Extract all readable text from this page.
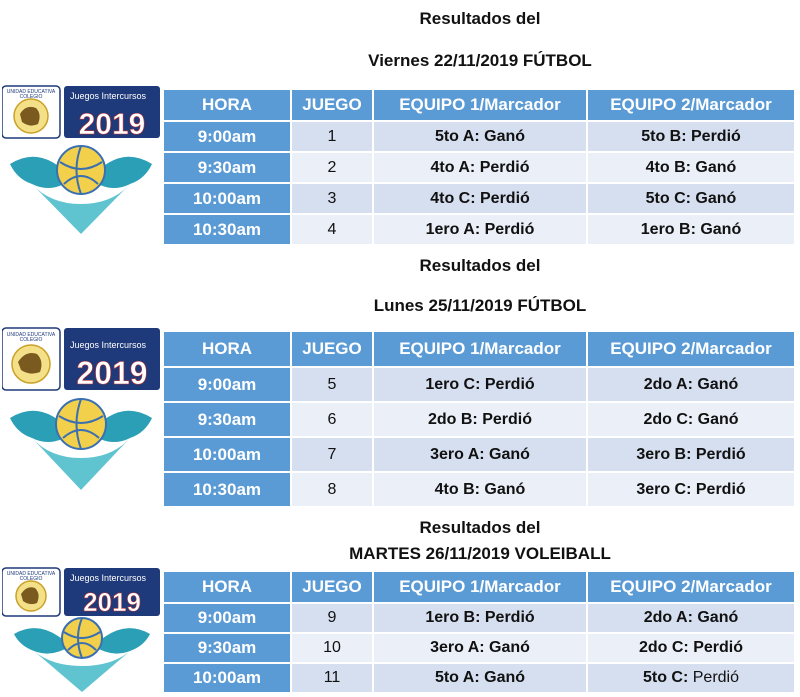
Resultados del
Viernes 22/11/2019 FÚTBOL
UNIDAD EDUCATIVA
COLEGIO	Juegos Intercursos
2019
HORA	JUEGO	EQUIPO 1/Marcador	EQUIPO 2/Marcador
9:00am	1	5to A: Ganó	5to B: Perdió
9:30am	2	4to A: Perdió	4to B: Ganó
10:00am	3	4to C: Perdió	5to C: Ganó
10:30am	4	1ero A: Perdió	1ero B: Ganó
Resultados del
Lunes 25/11/2019 FÚTBOL
UNIDAD EDUCATIVA
COLEGIO	Juegos Intercursos
2019
HORA	JUEGO	EQUIPO 1/Marcador	EQUIPO 2/Marcador
9:00am	5	1ero C: Perdió	2do A: Ganó
9:30am	6	2do B: Perdió	2do C: Ganó
10:00am	7	3ero A: Ganó	3ero B: Perdió
10:30am	8	4to B: Ganó	3ero C: Perdió
Resultados del
MARTES 26/11/2019 VOLEIBALL
UNIDAD EDUCATIVA
COLEGIO	Juegos Intercursos
2019
HORA	JUEGO	EQUIPO 1/Marcador	EQUIPO 2/Marcador
9:00am	9	1ero B: Perdió	2do A: Ganó
9:30am	10	3ero A: Ganó	2do C: Perdió
10:00am	11	5to A: Ganó	5to C: Perdió
